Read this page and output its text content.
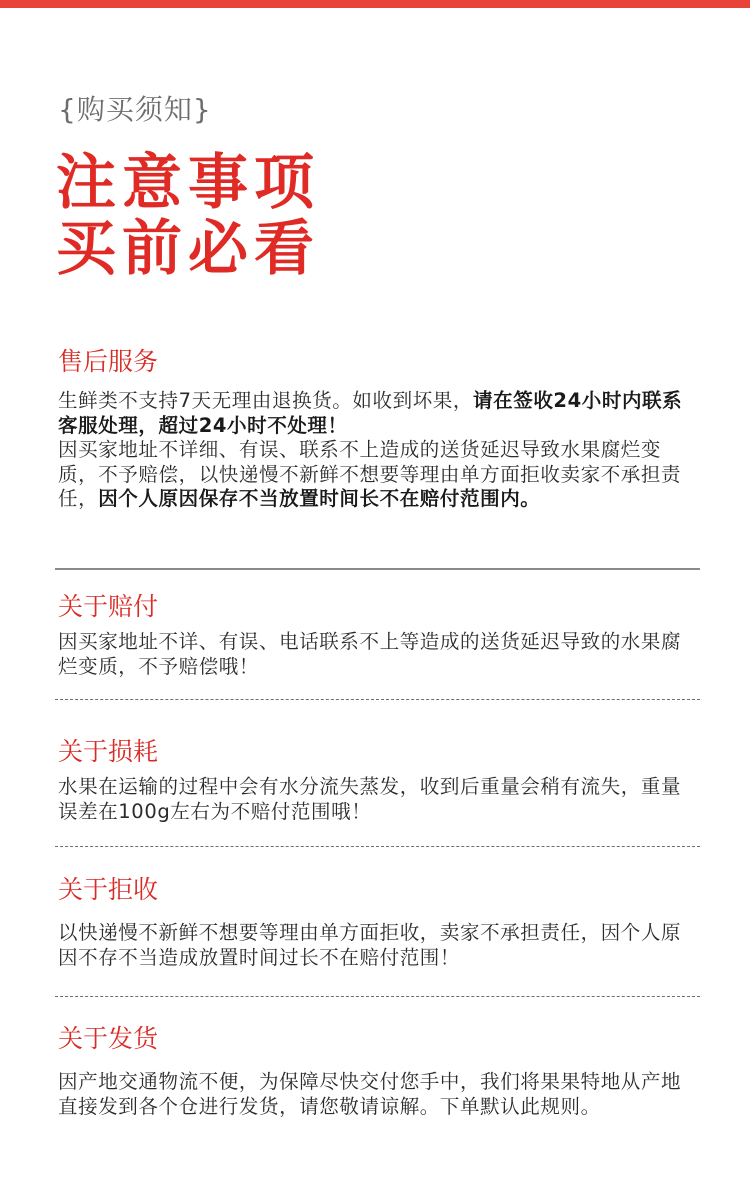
{购买须知}
注意事项
买前必看
售后服务

生鲜类不支持7天无理由退换货。如收到坏果，请在签收24小时内联系客服处理，超过24小时不处理！

因买家地址不详细、有误、联系不上造成的送货延迟导致水果腐烂变质，不予赔偿，以快递慢不新鲜不想要等理由单方面拒收卖家不承担责任，因个人原因保存不当放置时间长不在赔付范围内。

关于赔付
因买家地址不详、有误、电话联系不上等造成的送货延迟导致的水果腐烂变质，不予赔偿哦！
关于损耗
水果在运输的过程中会有水分流失蒸发，收到后重量会稍有流失，重量误差在100g左右为不赔付范围哦！
关于拒收
以快递慢不新鲜不想要等理由单方面拒收，卖家不承担责任，因个人原因不存不当造成放置时间过长不在赔付范围！
关于发货
因产地交通物流不便，为保障尽快交付您手中，我们将果果特地从产地直接发到各个仓进行发货，请您敬请谅解。下单默认此规则。
